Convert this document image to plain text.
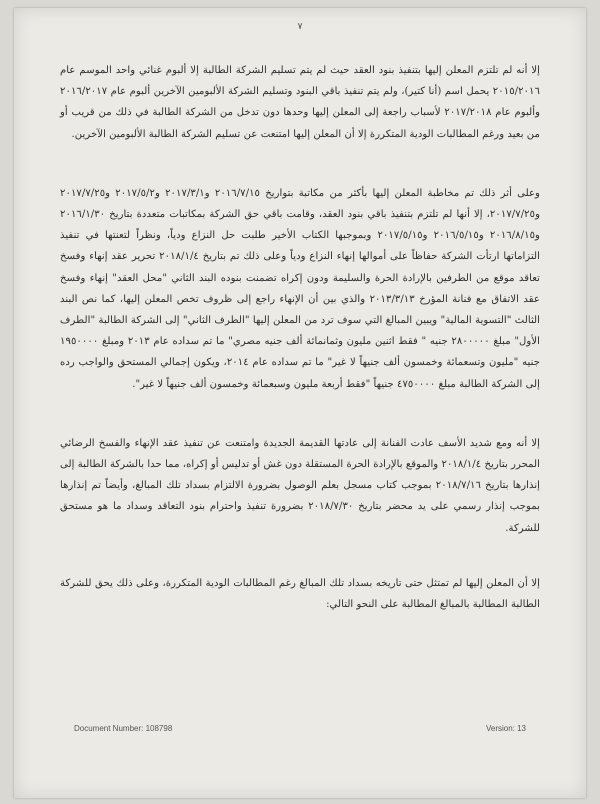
٧

إلا أنه لم تلتزم المعلن إليها بتنفيذ بنود العقد حيث لم يتم تسليم الشركة الطالبة إلا ألبوم غنائي واحد الموسم عام ٢٠١٥/٢٠١٦ يحمل اسم (أنا كتير)، ولم يتم تنفيذ باقي البنود وتسليم الشركة الألبومين الآخرين ألبوم عام ٢٠١٦/٢٠١٧ وألبوم عام ٢٠١٧/٢٠١٨ لأسباب راجعة إلى المعلن إليها وحدها دون تدخل من الشركة الطالبة في ذلك من قريب أو من بعيد ورغم المطالبات الودية المتكررة إلا أن المعلن إليها امتنعت عن تسليم الشركة الطالبة الألبومين الآخرين.

وعلى أثر ذلك تم مخاطبة المعلن إليها بأكثر من مكاتبة بتواريخ ٢٠١٦/٧/١٥ و٢٠١٧/٣/١ و٢٠١٧/٥/٢ و٢٠١٧/٧/٢٥ و٢٠١٧/٧/٢٥، إلا أنها لم تلتزم بتنفيذ باقي بنود العقد، وقامت باقي حق الشركة بمكاتبات متعددة بتاريخ ٢٠١٦/١/٣٠ و٢٠١٦/٨/١٥ و٢٠١٦/٥/١٥ و٢٠١٧/٥/١٥ وبموجبها الكتاب الأخير طلبت حل النزاع ودياً، ونظراً لتعنتها في تنفيذ التزاماتها ارتأت الشركة حفاظاً على أموالها إنهاء النزاع ودياً وعلى ذلك تم بتاريخ ٢٠١٨/١/٤ تحرير عقد إنهاء وفسخ تعاقد موقع من الطرفين بالإرادة الحرة والسليمة ودون إكراه تضمنت بنوده البند الثاني "محل العقد" إنهاء وفسخ عقد الاتفاق مع فنانة المؤرخ ٢٠١٣/٣/١٣ والذي بين أن الإنهاء راجع إلى ظروف تخص المعلن إليها، كما نص البند الثالث "التسوية المالية" ويبين المبالغ التي سوف ترد من المعلن إليها "الطرف الثاني" إلى الشركة الطالبة "الطرف الأول" مبلغ ٢٨٠٠٠٠٠ جنيه " فقط اثنين مليون وثمانمائة ألف جنيه مصري" ما تم سداده عام ٢٠١٣ ومبلغ ١٩٥٠٠٠٠ جنيه "مليون وتسعمائة وخمسون ألف جنيهاً لا غير" ما تم سداده عام ٢٠١٤، ويكون إجمالي المستحق والواجب رده إلى الشركة الطالبة مبلغ ٤٧٥٠٠٠٠ جنيهاً "فقط أربعة مليون وسبعمائة وخمسون ألف جنيهاً لا غير".

إلا أنه ومع شديد الأسف عادت الفنانة إلى عادتها القديمة الجديدة وامتنعت عن تنفيذ عقد الإنهاء والفسخ الرضائي المحرر بتاريخ ٢٠١٨/١/٤ والموقع بالإرادة الحرة المستقلة دون غش أو تدليس أو إكراه، مما حدا بالشركة الطالبة إلى إنذارها بتاريخ ٢٠١٨/٧/١٦ بموجب كتاب مسجل بعلم الوصول بضرورة الالتزام بسداد تلك المبالغ، وأيضاً تم إنذارها بموجب إنذار رسمي على يد محضر بتاريخ ٢٠١٨/٧/٣٠ بضرورة تنفيذ واحترام بنود التعاقد وسداد ما هو مستحق للشركة.

إلا أن المعلن إليها لم تمتثل حتى تاريخه بسداد تلك المبالغ رغم المطالبات الودية المتكررة، وعلى ذلك يحق للشركة الطالبة المطالبة بالمبالغ المطالبة على النحو التالي:

Document Number: 108798	Version: 13
